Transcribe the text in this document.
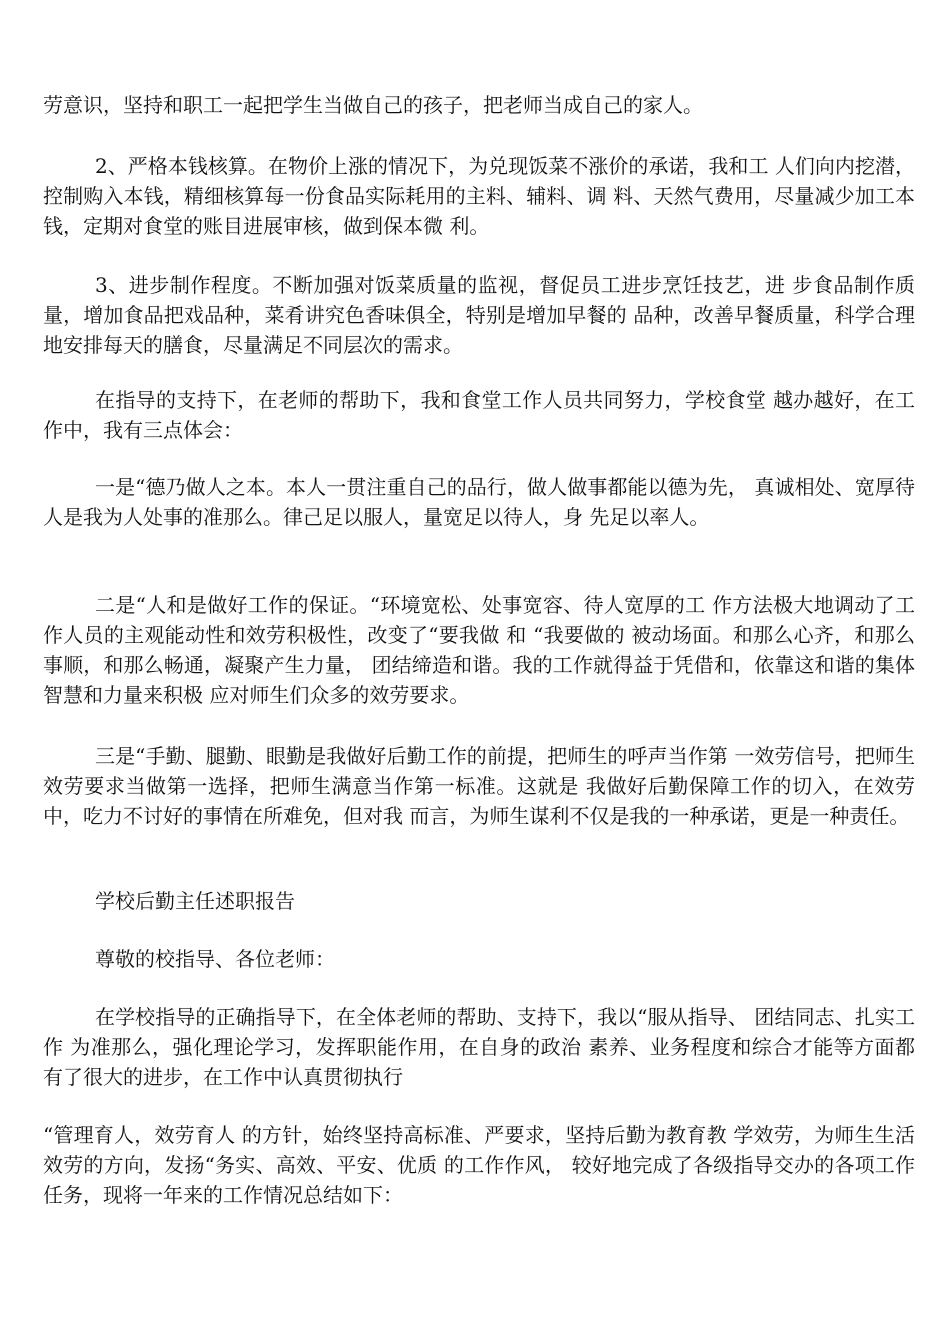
劳意识，坚持和职工一起把学生当做自己的孩子，把老师当成自己的家人。

2、严格本钱核算。在物价上涨的情况下，为兑现饭菜不涨价的承诺，我和工 人们向内挖潜，控制购入本钱，精细核算每一份食品实际耗用的主料、辅料、调 料、天然气费用，尽量减少加工本钱，定期对食堂的账目进展审核，做到保本微 利。

3、进步制作程度。不断加强对饭菜质量的监视，督促员工进步烹饪技艺，进 步食品制作质量，增加食品把戏品种，菜肴讲究色香味俱全，特别是增加早餐的 品种，改善早餐质量，科学合理地安排每天的膳食，尽量满足不同层次的需求。

在指导的支持下，在老师的帮助下，我和食堂工作人员共同努力，学校食堂 越办越好，在工作中，我有三点体会：

一是“德乃做人之本。本人一贯注重自己的品行，做人做事都能以德为先， 真诚相处、宽厚待人是我为人处事的准那么。律己足以服人，量宽足以待人，身 先足以率人。

二是“人和是做好工作的保证。“环境宽松、处事宽容、待人宽厚的工 作方法极大地调动了工作人员的主观能动性和效劳积极性，改变了“要我做 和 “我要做的 被动场面。和那么心齐，和那么事顺，和那么畅通，凝聚产生力量， 团结缔造和谐。我的工作就得益于凭借和，依靠这和谐的集体智慧和力量来积极 应对师生们众多的效劳要求。

三是“手勤、腿勤、眼勤是我做好后勤工作的前提，把师生的呼声当作第 一效劳信号，把师生效劳要求当做第一选择，把师生满意当作第一标准。这就是 我做好后勤保障工作的切入，在效劳中，吃力不讨好的事情在所难免，但对我 而言，为师生谋利不仅是我的一种承诺，更是一种责任。

学校后勤主任述职报告

尊敬的校指导、各位老师：

在学校指导的正确指导下，在全体老师的帮助、支持下，我以“服从指导、 团结同志、扎实工作 为准那么，强化理论学习，发挥职能作用，在自身的政治 素养、业务程度和综合才能等方面都有了很大的进步，在工作中认真贯彻执行

“管理育人，效劳育人 的方针，始终坚持高标准、严要求，坚持后勤为教育教 学效劳，为师生生活效劳的方向，发扬“务实、高效、平安、优质 的工作作风， 较好地完成了各级指导交办的各项工作任务，现将一年来的工作情况总结如下：
